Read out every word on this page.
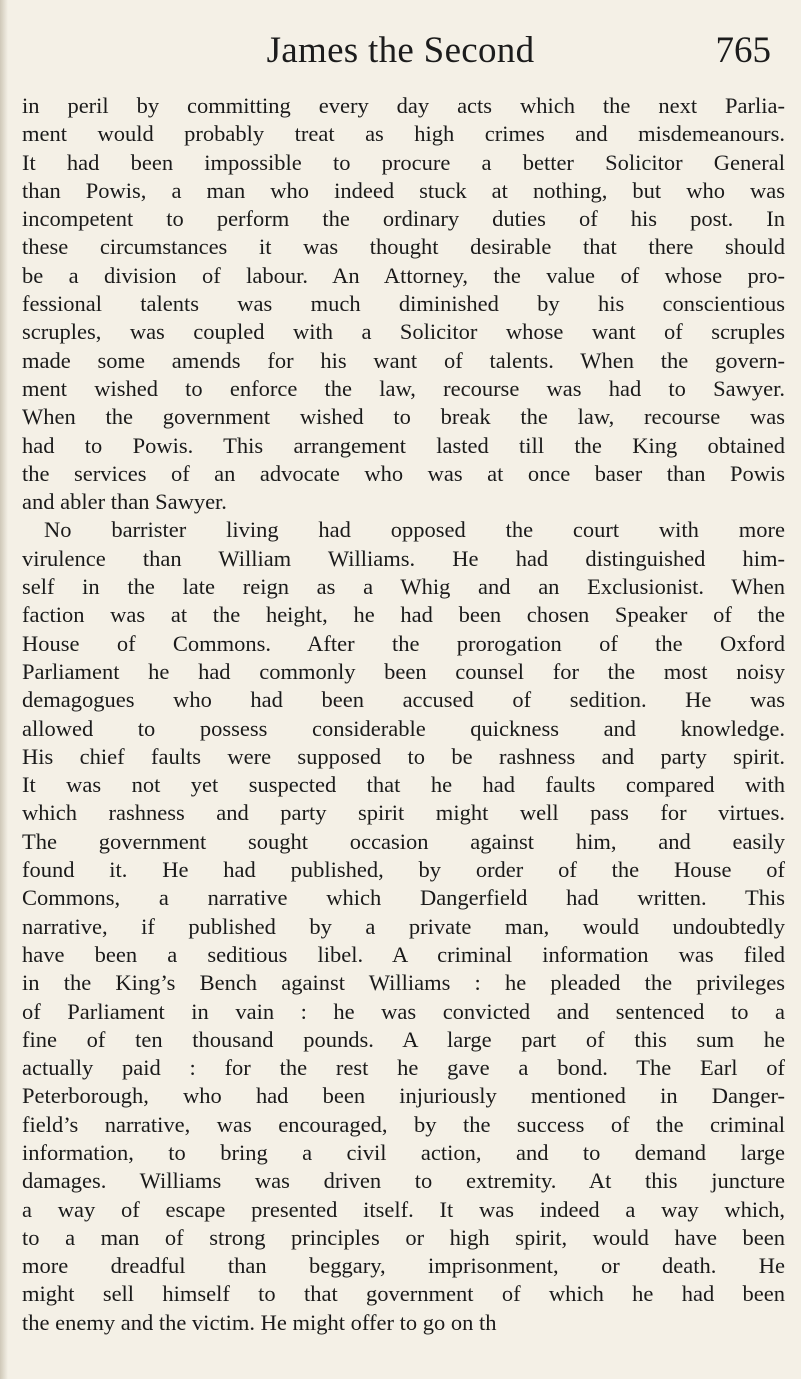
James the Second	765
in peril by committing every day acts which the next Parlia-
ment would probably treat as high crimes and misdemeanours.
It had been impossible to procure a better Solicitor General
than Powis, a man who indeed stuck at nothing, but who was
incompetent to perform the ordinary duties of his post. In
these circumstances it was thought desirable that there should
be a division of labour. An Attorney, the value of whose pro-
fessional talents was much diminished by his conscientious
scruples, was coupled with a Solicitor whose want of scruples
made some amends for his want of talents. When the govern-
ment wished to enforce the law, recourse was had to Sawyer.
When the government wished to break the law, recourse was
had to Powis. This arrangement lasted till the King obtained
the services of an advocate who was at once baser than Powis
and abler than Sawyer.
No barrister living had opposed the court with more
virulence than William Williams. He had distinguished him-
self in the late reign as a Whig and an Exclusionist. When
faction was at the height, he had been chosen Speaker of the
House of Commons. After the prorogation of the Oxford
Parliament he had commonly been counsel for the most noisy
demagogues who had been accused of sedition. He was
allowed to possess considerable quickness and knowledge.
His chief faults were supposed to be rashness and party spirit.
It was not yet suspected that he had faults compared with
which rashness and party spirit might well pass for virtues.
The government sought occasion against him, and easily
found it. He had published, by order of the House of
Commons, a narrative which Dangerfield had written. This
narrative, if published by a private man, would undoubtedly
have been a seditious libel. A criminal information was filed
in the King’s Bench against Williams : he pleaded the privileges
of Parliament in vain : he was convicted and sentenced to a
fine of ten thousand pounds. A large part of this sum he
actually paid : for the rest he gave a bond. The Earl of
Peterborough, who had been injuriously mentioned in Danger-
field’s narrative, was encouraged, by the success of the criminal
information, to bring a civil action, and to demand large
damages. Williams was driven to extremity. At this juncture
a way of escape presented itself. It was indeed a way which,
to a man of strong principles or high spirit, would have been
more dreadful than beggary, imprisonment, or death. He
might sell himself to that government of which he had been
the enemy and the victim. He might offer to go on th
